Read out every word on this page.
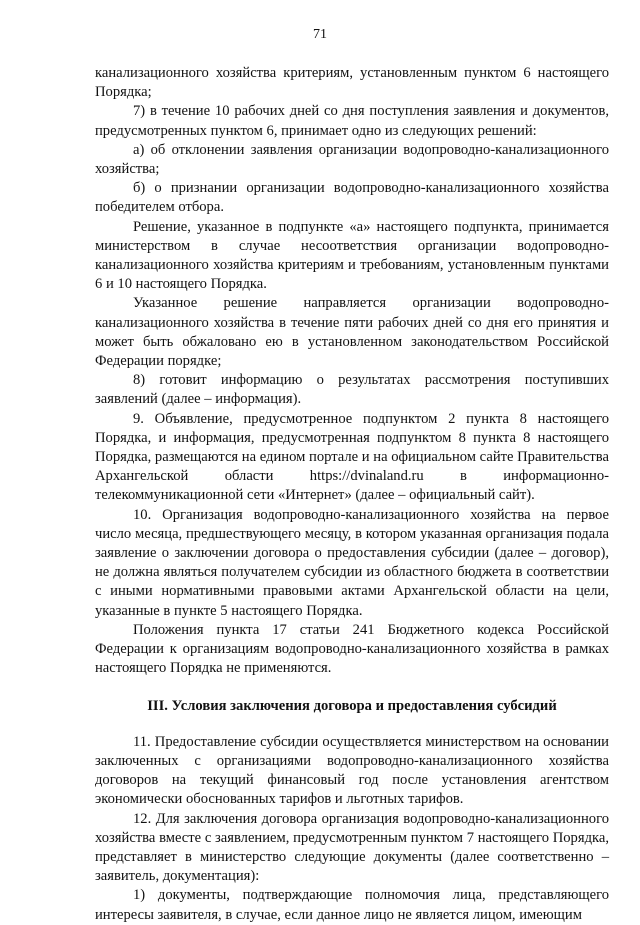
71

канализационного хозяйства критериям, установленным пунктом 6 настоящего Порядка;

7) в течение 10 рабочих дней со дня поступления заявления и документов, предусмотренных пунктом 6, принимает одно из следующих решений:

а) об отклонении заявления организации водопроводно-канализационного хозяйства;

б) о признании организации водопроводно-канализационного хозяйства победителем отбора.

Решение, указанное в подпункте «а» настоящего подпункта, принимается министерством в случае несоответствия организации водопроводно-канализационного хозяйства критериям и требованиям, установленным пунктами 6 и 10 настоящего Порядка.

Указанное решение направляется организации водопроводно-канализационного хозяйства в течение пяти рабочих дней со дня его принятия и может быть обжаловано ею в установленном законодательством Российской Федерации порядке;

8) готовит информацию о результатах рассмотрения поступивших заявлений (далее – информация).

9. Объявление, предусмотренное подпунктом 2 пункта 8 настоящего Порядка, и информация, предусмотренная подпунктом 8 пункта 8 настоящего Порядка, размещаются на едином портале и на официальном сайте Правительства Архангельской области https://dvinaland.ru в информационно-телекоммуникационной сети «Интернет» (далее – официальный сайт).

10. Организация водопроводно-канализационного хозяйства на первое число месяца, предшествующего месяцу, в котором указанная организация подала заявление о заключении договора о предоставления субсидии (далее – договор), не должна являться получателем субсидии из областного бюджета в соответствии с иными нормативными правовыми актами Архангельской области на цели, указанные в пункте 5 настоящего Порядка.

Положения пункта 17 статьи 241 Бюджетного кодекса Российской Федерации к организациям водопроводно-канализационного хозяйства в рамках настоящего Порядка не применяются.

III. Условия заключения договора и предоставления субсидий

11. Предоставление субсидии осуществляется министерством на основании заключенных с организациями водопроводно-канализационного хозяйства договоров на текущий финансовый год после установления агентством экономически обоснованных тарифов и льготных тарифов.

12. Для заключения договора организация водопроводно-канализационного хозяйства вместе с заявлением, предусмотренным пунктом 7 настоящего Порядка, представляет в министерство следующие документы (далее соответственно – заявитель, документация):

1) документы, подтверждающие полномочия лица, представляющего интересы заявителя, в случае, если данное лицо не является лицом, имеющим
